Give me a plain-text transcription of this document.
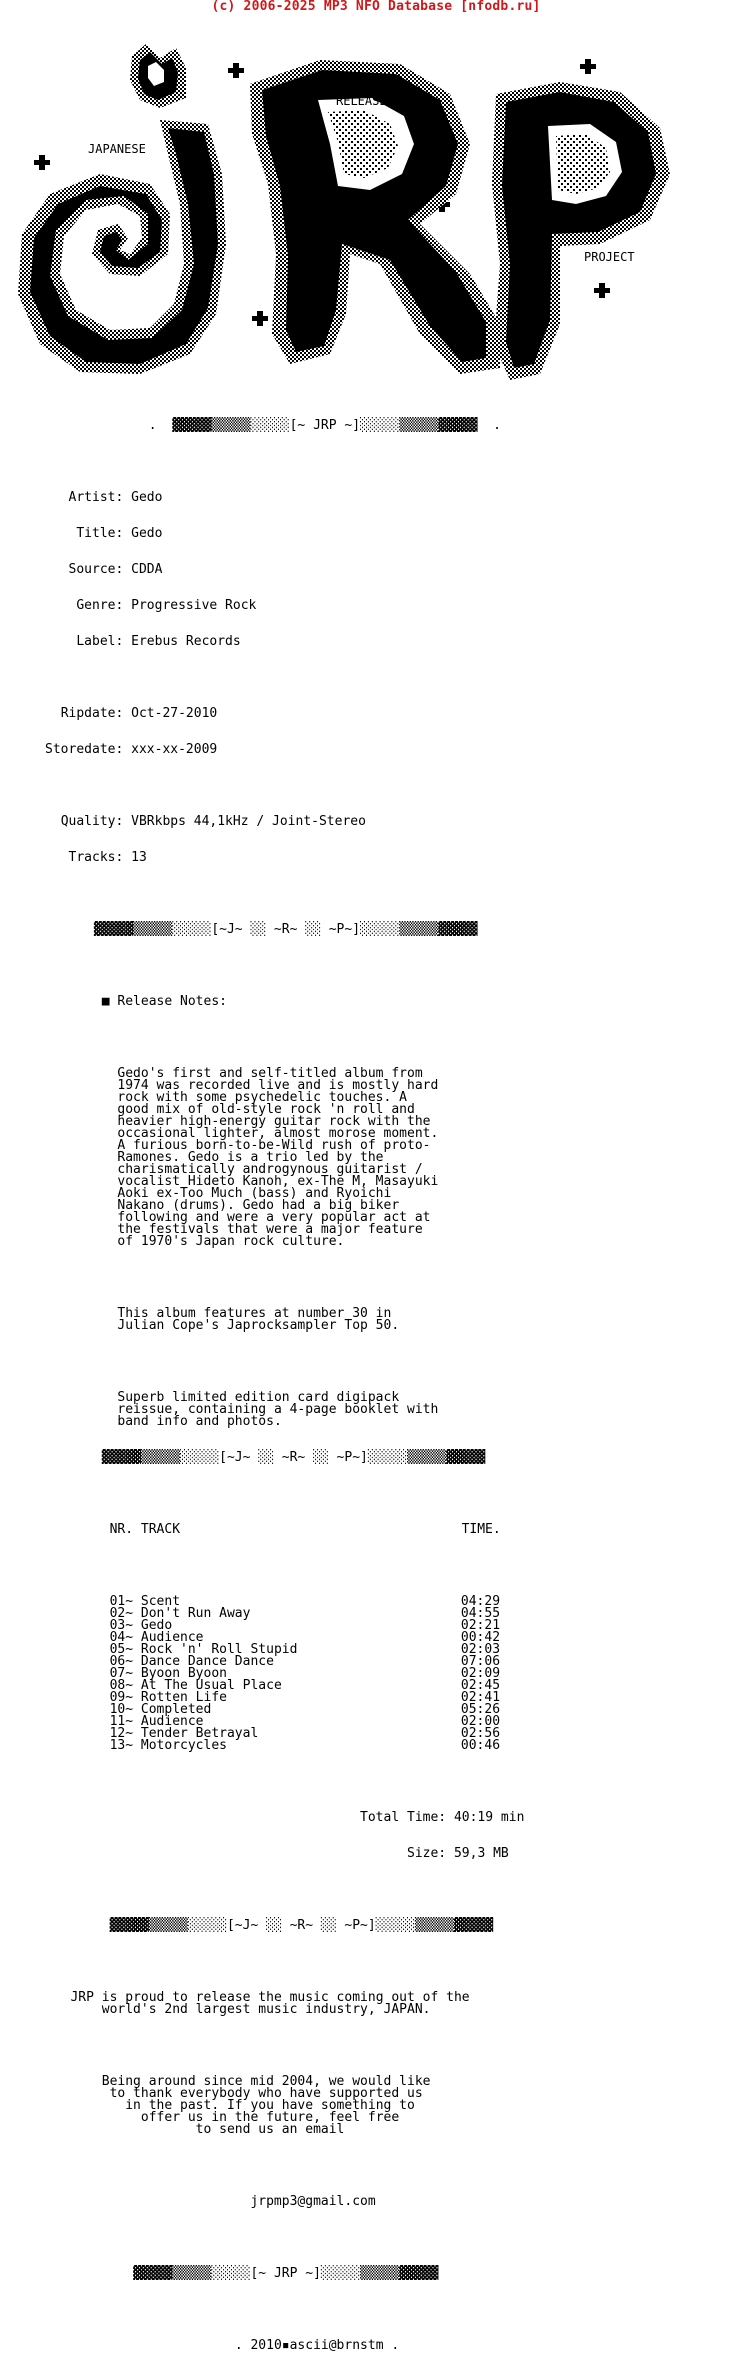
(c) 2006-2025 MP3 NFO Database [nfodb.ru]
JAPANESE
RELEASE
PROJECT

.  ▓▓▓▓▓▒▒▒▒▒░░░░░[~ JRP ~]░░░░░▒▒▒▒▒▓▓▓▓▓  .

Artist: Gedo

Title: Gedo

Source: CDDA

Genre: Progressive Rock

Label: Erebus Records

Ripdate: Oct-27-2010

Storedate: xxx-xx-2009

Quality: VBRkbps 44,1kHz / Joint-Stereo

Tracks: 13

▓▓▓▓▓▒▒▒▒▒░░░░░[~J~ ░░ ~R~ ░░ ~P~]░░░░░▒▒▒▒▒▓▓▓▓▓

■ Release Notes:

Gedo's first and self-titled album from
1974 was recorded live and is mostly hard
rock with some psychedelic touches. A
good mix of old-style rock 'n roll and
heavier high-energy guitar rock with the
occasional lighter, almost morose moment.
A furious born-to-be-Wild rush of proto-
Ramones. Gedo is a trio led by the
charismatically androgynous guitarist /
vocalist Hideto Kanoh, ex-The M, Masayuki
Aoki ex-Too Much (bass) and Ryoichi
Nakano (drums). Gedo had a big biker
following and were a very popular act at
the festivals that were a major feature
of 1970's Japan rock culture.

This album features at number 30 in
Julian Cope's Japrocksampler Top 50.

Superb limited edition card digipack
reissue, containing a 4-page booklet with
band info and photos.

▓▓▓▓▓▒▒▒▒▒░░░░░[~J~ ░░ ~R~ ░░ ~P~]░░░░░▒▒▒▒▒▓▓▓▓▓

NR. TRACK	TIME.

01~ Scent	04:29
02~ Don't Run Away	04:55
03~ Gedo	02:21
04~ Audience	00:42
05~ Rock 'n' Roll Stupid	02:03
06~ Dance Dance Dance	07:06
07~ Byoon Byoon	02:09
08~ At The Usual Place	02:45
09~ Rotten Life	02:41
10~ Completed	05:26
11~ Audience	02:00
12~ Tender Betrayal	02:56
13~ Motorcycles	00:46

Total Time: 40:19 min

Size: 59,3 MB

▓▓▓▓▓▒▒▒▒▒░░░░░[~J~ ░░ ~R~ ░░ ~P~]░░░░░▒▒▒▒▒▓▓▓▓▓

JRP is proud to release the music coming out of the
world's 2nd largest music industry, JAPAN.

Being around since mid 2004, we would like
to thank everybody who have supported us
in the past. If you have something to
offer us in the future, feel free
to send us an email

jrpmp3@gmail.com

▓▓▓▓▓▒▒▒▒▒░░░░░[~ JRP ~]░░░░░▒▒▒▒▒▓▓▓▓▓

. 2010▪ascii@brnstm .
